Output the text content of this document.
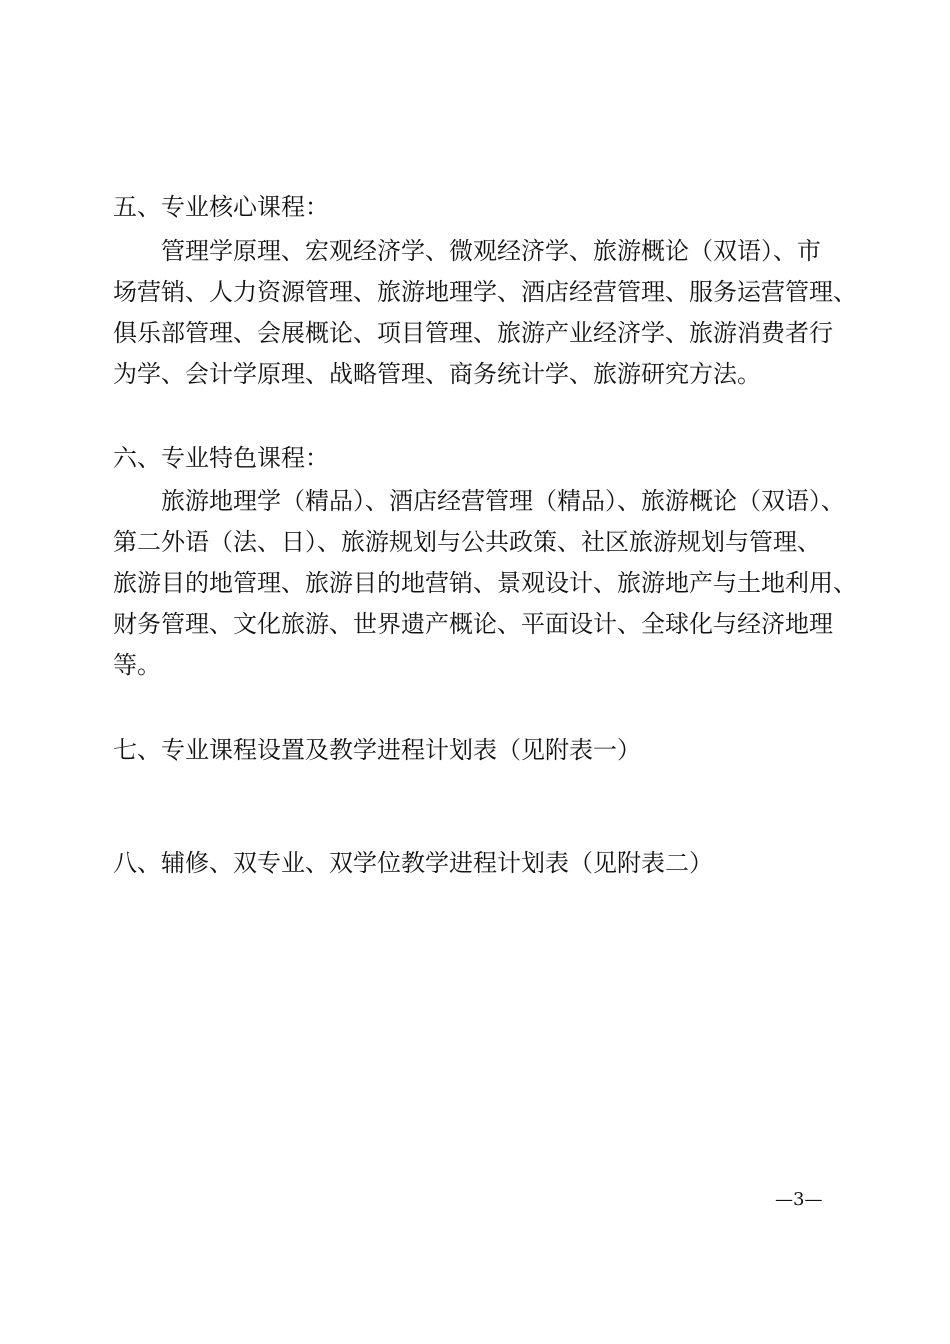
五、专业核心课程：
管理学原理、宏观经济学、微观经济学、旅游概论（双语）、市
场营销、人力资源管理、旅游地理学、酒店经营管理、服务运营管理、
俱乐部管理、会展概论、项目管理、旅游产业经济学、旅游消费者行
为学、会计学原理、战略管理、商务统计学、旅游研究方法。
六、专业特色课程：
旅游地理学（精品）、酒店经营管理（精品）、旅游概论（双语）、
第二外语（法、日）、旅游规划与公共政策、社区旅游规划与管理、
旅游目的地管理、旅游目的地营销、景观设计、旅游地产与土地利用、
财务管理、文化旅游、世界遗产概论、平面设计、全球化与经济地理
等。
七、专业课程设置及教学进程计划表（见附表一）
八、辅修、双专业、双学位教学进程计划表（见附表二）
—3—
